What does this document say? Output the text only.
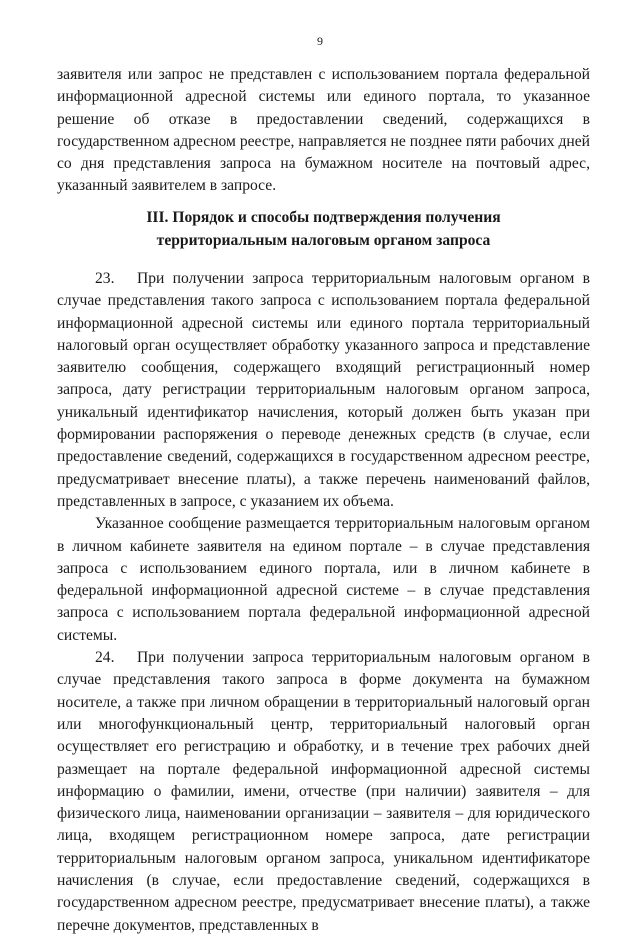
9

заявителя или запрос не представлен с использованием портала федеральной информационной адресной системы или единого портала, то указанное решение об отказе в предоставлении сведений, содержащихся в государственном адресном реестре, направляется не позднее пяти рабочих дней со дня представления запроса на бумажном носителе на почтовый адрес, указанный заявителем в запросе.

III. Порядок и способы подтверждения получения
территориальным налоговым органом запроса

23. При получении запроса территориальным налоговым органом в случае представления такого запроса с использованием портала федеральной информационной адресной системы или единого портала территориальный налоговый орган осуществляет обработку указанного запроса и представление заявителю сообщения, содержащего входящий регистрационный номер запроса, дату регистрации территориальным налоговым органом запроса, уникальный идентификатор начисления, который должен быть указан при формировании распоряжения о переводе денежных средств (в случае, если предоставление сведений, содержащихся в государственном адресном реестре, предусматривает внесение платы), а также перечень наименований файлов, представленных в запросе, с указанием их объема.

Указанное сообщение размещается территориальным налоговым органом в личном кабинете заявителя на едином портале – в случае представления запроса с использованием единого портала, или в личном кабинете в федеральной информационной адресной системе – в случае представления запроса с использованием портала федеральной информационной адресной системы.

24. При получении запроса территориальным налоговым органом в случае представления такого запроса в форме документа на бумажном носителе, а также при личном обращении в территориальный налоговый орган или многофункциональный центр, территориальный налоговый орган осуществляет его регистрацию и обработку, и в течение трех рабочих дней размещает на портале федеральной информационной адресной системы информацию о фамилии, имени, отчестве (при наличии) заявителя – для физического лица, наименовании организации – заявителя – для юридического лица, входящем регистрационном номере запроса, дате регистрации территориальным налоговым органом запроса, уникальном идентификаторе начисления (в случае, если предоставление сведений, содержащихся в государственном адресном реестре, предусматривает внесение платы), а также перечне документов, представленных в
